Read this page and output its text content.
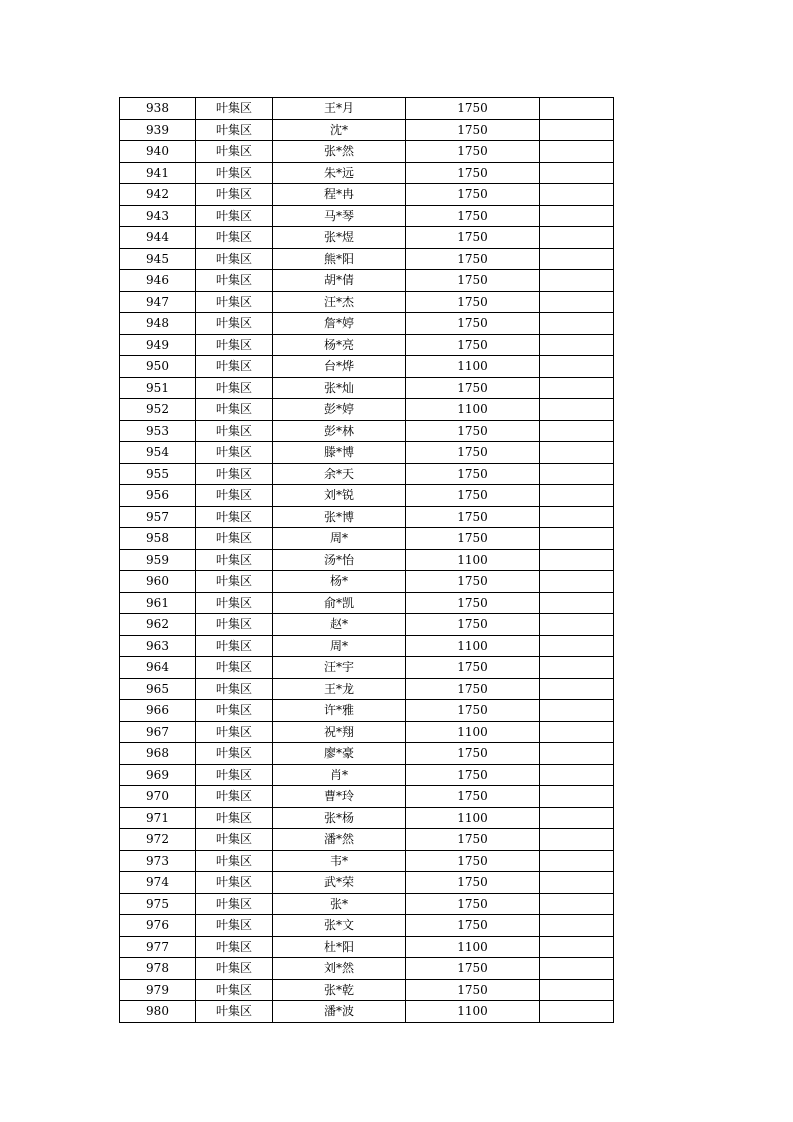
938	叶集区	王*月	1750	
939	叶集区	沈*	1750	
940	叶集区	张*然	1750	
941	叶集区	朱*远	1750	
942	叶集区	程*冉	1750	
943	叶集区	马*琴	1750	
944	叶集区	张*煜	1750	
945	叶集区	熊*阳	1750	
946	叶集区	胡*倩	1750	
947	叶集区	汪*杰	1750	
948	叶集区	詹*婷	1750	
949	叶集区	杨*亮	1750	
950	叶集区	台*烨	1100	
951	叶集区	张*灿	1750	
952	叶集区	彭*婷	1100	
953	叶集区	彭*林	1750	
954	叶集区	滕*博	1750	
955	叶集区	余*天	1750	
956	叶集区	刘*锐	1750	
957	叶集区	张*博	1750	
958	叶集区	周*	1750	
959	叶集区	汤*怡	1100	
960	叶集区	杨*	1750	
961	叶集区	俞*凯	1750	
962	叶集区	赵*	1750	
963	叶集区	周*	1100	
964	叶集区	汪*宇	1750	
965	叶集区	王*龙	1750	
966	叶集区	许*雅	1750	
967	叶集区	祝*翔	1100	
968	叶集区	廖*豪	1750	
969	叶集区	肖*	1750	
970	叶集区	曹*玲	1750	
971	叶集区	张*杨	1100	
972	叶集区	潘*然	1750	
973	叶集区	韦*	1750	
974	叶集区	武*荣	1750	
975	叶集区	张*	1750	
976	叶集区	张*文	1750	
977	叶集区	杜*阳	1100	
978	叶集区	刘*然	1750	
979	叶集区	张*乾	1750	
980	叶集区	潘*波	1100	
